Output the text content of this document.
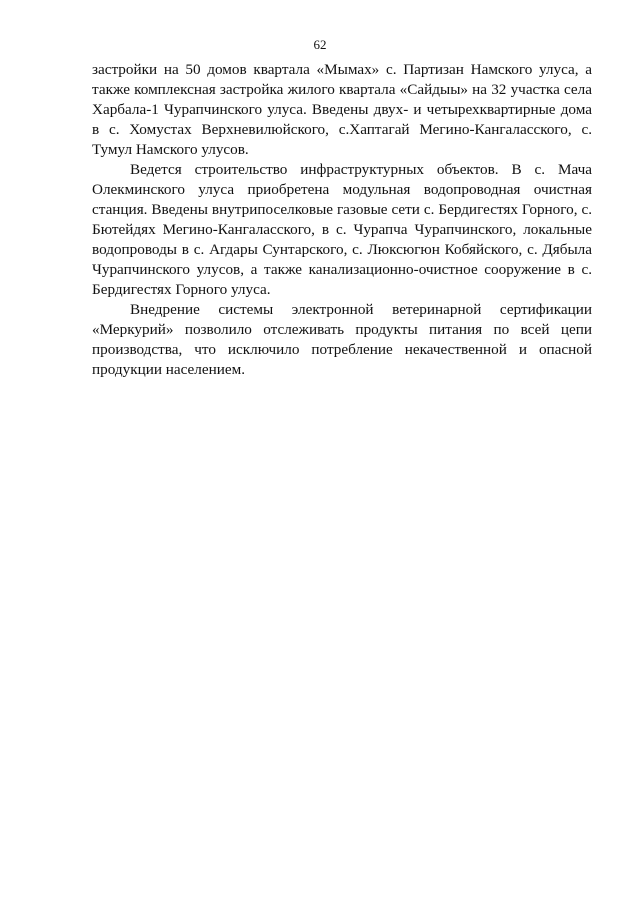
62

застройки на 50 домов квартала «Мымах» с. Партизан Намского улуса, а также комплексная застройка жилого квартала «Сайдыы» на 32 участка села Харбала-1 Чурапчинского улуса. Введены двух- и четырехквартирные дома в с. Хомустах Верхневилюйского, с.Хаптагай Мегино-Кангаласского, с. Тумул Намского улусов.

Ведется строительство инфраструктурных объектов. В с. Мача Олекминского улуса приобретена модульная водопроводная очистная станция. Введены внутрипоселковые газовые сети с. Бердигестях Горного, с. Бютейдях Мегино-Кангаласского, в с. Чурапча Чурапчинского, локальные водопроводы в с. Агдары Сунтарского, с. Люксюгюн Кобяйского, с. Дябыла Чурапчинского улусов, а также канализационно-очистное сооружение в с. Бердигестях Горного улуса.

Внедрение системы электронной ветеринарной сертификации «Меркурий» позволило отслеживать продукты питания по всей цепи производства, что исключило потребление некачественной и опасной продукции населением.
